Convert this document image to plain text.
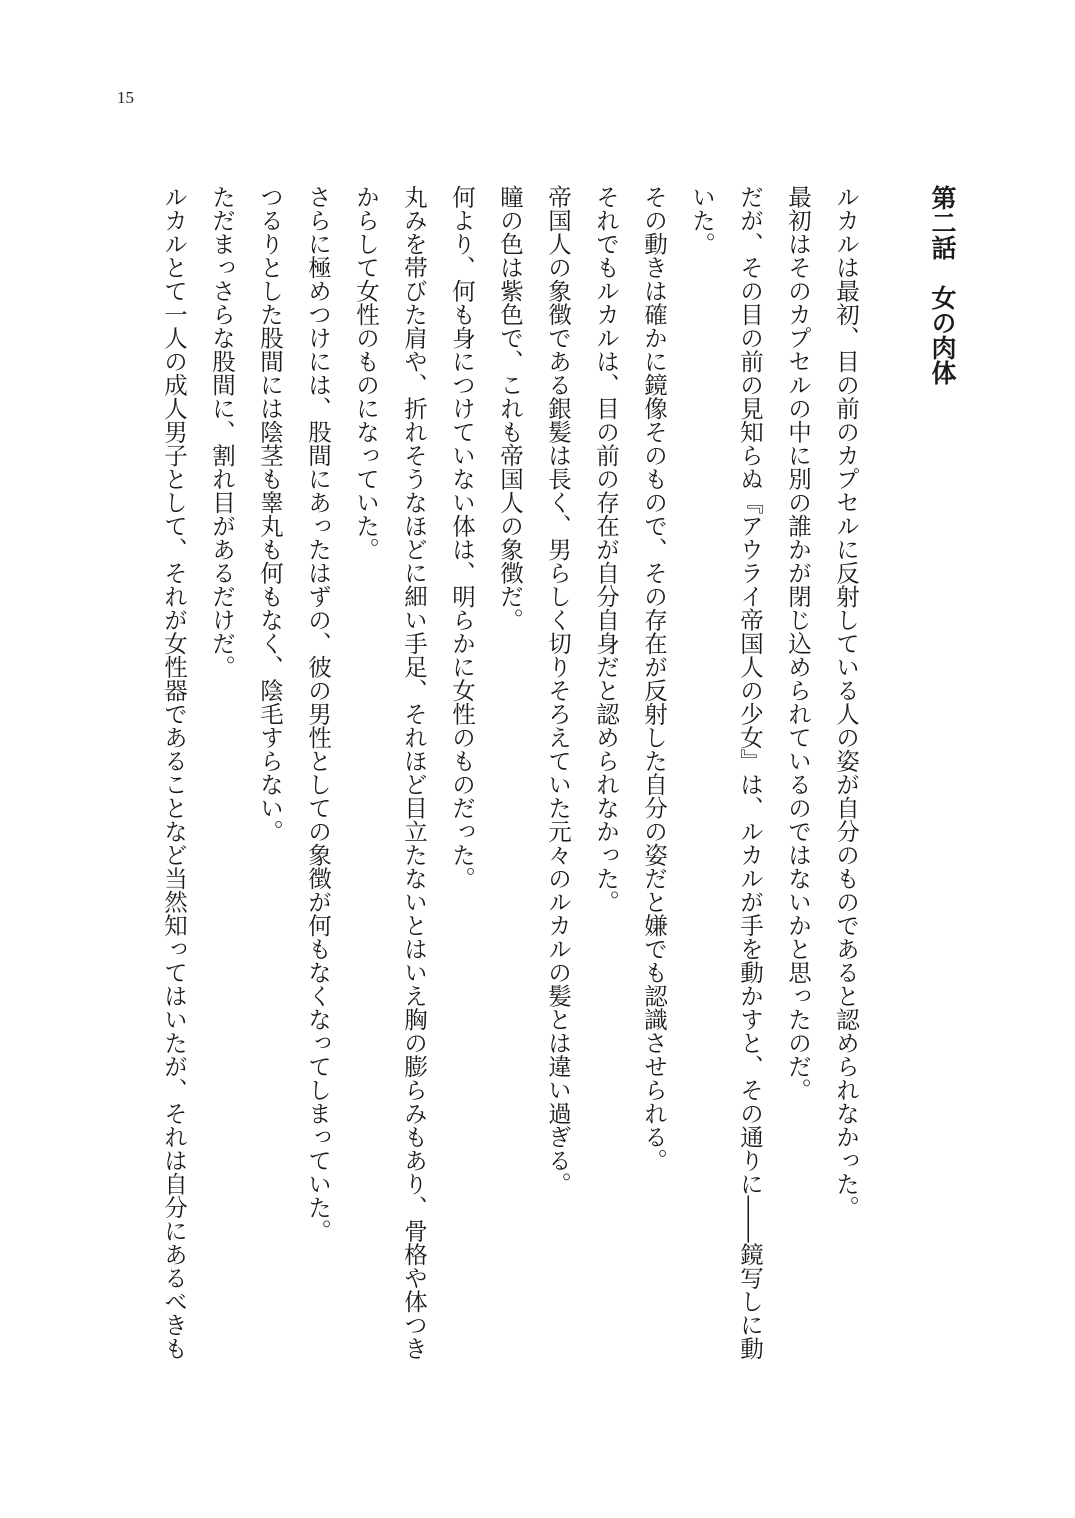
15
第二話　女の肉体
ルカルは最初、目の前のカプセルに反射している人の姿が自分のものであると認められなかった。
最初はそのカプセルの中に別の誰かが閉じ込められているのではないかと思ったのだ。
だが、その目の前の見知らぬ『アウライ帝国人の少女』は、ルカルが手を動かすと、その通りに――鏡写しに動
いた。
その動きは確かに鏡像そのもので、その存在が反射した自分の姿だと嫌でも認識させられる。
それでもルカルは、目の前の存在が自分自身だと認められなかった。
帝国人の象徴である銀髪は長く、男らしく切りそろえていた元々のルカルの髪とは違い過ぎる。
瞳の色は紫色で、これも帝国人の象徴だ。
何より、何も身につけていない体は、明らかに女性のものだった。
丸みを帯びた肩や、折れそうなほどに細い手足、それほど目立たないとはいえ胸の膨らみもあり、骨格や体つき
からして女性のものになっていた。
さらに極めつけには、股間にあったはずの、彼の男性としての象徴が何もなくなってしまっていた。
つるりとした股間には陰茎も睾丸も何もなく、陰毛すらない。
ただまっさらな股間に、割れ目があるだけだ。
ルカルとて一人の成人男子として、それが女性器であることなど当然知ってはいたが、それは自分にあるべきも
